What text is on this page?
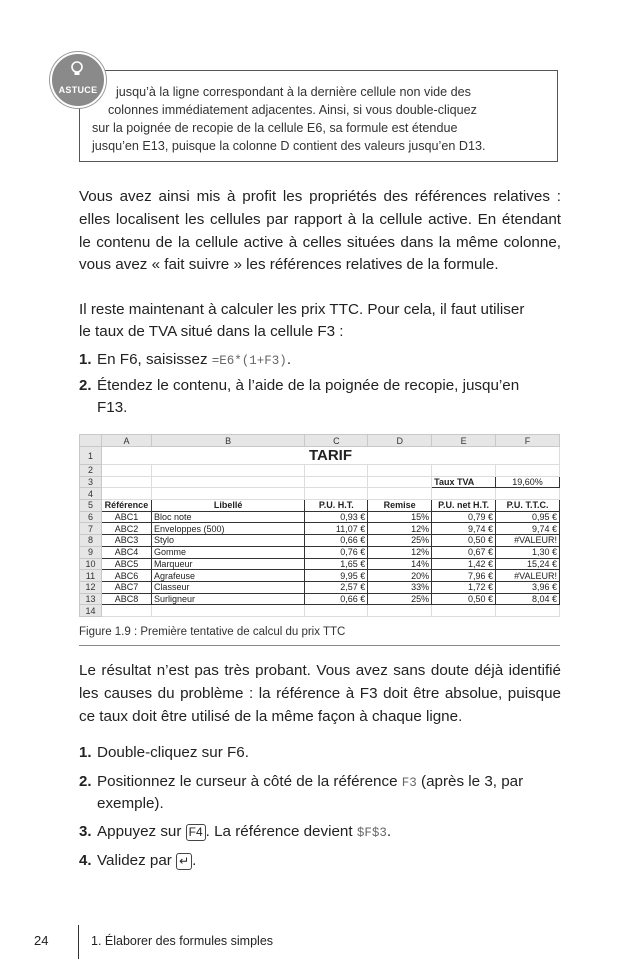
ASTUCE	jusqu’à la ligne correspondant à la dernière cellule non vide des
colonnes immédiatement adjacentes. Ainsi, si vous double-cliquez
sur la poignée de recopie de la cellule E6, sa formule est étendue
jusqu’en E13, puisque la colonne D contient des valeurs jusqu’en D13.
Vous avez ainsi mis à profit les propriétés des références relatives : elles localisent les cellules par rapport à la cellule active. En étendant le contenu de la cellule active à celles situées dans la même colonne, vous avez « fait suivre » les références relatives de la formule.
Il reste maintenant à calculer les prix TTC. Pour cela, il faut utiliser
le taux de TVA situé dans la cellule F3 :
1. En F6, saisissez =E6*(1+F3).
2. Étendez le contenu, à l’aide de la poignée de recopie, jusqu’en
F13.
	A	B	C	D	E	F
1	TARIF					
2						
3					Taux TVA	19,60%
4						
5	Référence	Libellé	P.U. H.T.	Remise	P.U. net H.T.	P.U. T.T.C.
6	ABC1	Bloc note	0,93 €	15%	0,79 €	0,95 €
7	ABC2	Enveloppes (500)	11,07 €	12%	9,74 €	9,74 €
8	ABC3	Stylo	0,66 €	25%	0,50 €	#VALEUR!
9	ABC4	Gomme	0,76 €	12%	0,67 €	1,30 €
10	ABC5	Marqueur	1,65 €	14%	1,42 €	15,24 €
11	ABC6	Agrafeuse	9,95 €	20%	7,96 €	#VALEUR!
12	ABC7	Classeur	2,57 €	33%	1,72 €	3,96 €
13	ABC8	Surligneur	0,66 €	25%	0,50 €	8,04 €
14						
Figure 1.9 : Première tentative de calcul du prix TTC
Le résultat n’est pas très probant. Vous avez sans doute déjà identifié les causes du problème : la référence à F3 doit être absolue, puisque ce taux doit être utilisé de la même façon à chaque ligne.
1. Double-cliquez sur F6.
2. Positionnez le curseur à côté de la référence F3 (après le 3, par
exemple).
3. Appuyez sur F4 . La référence devient $F$3.
4. Validez par ↵ .
24	1. Élaborer des formules simples
